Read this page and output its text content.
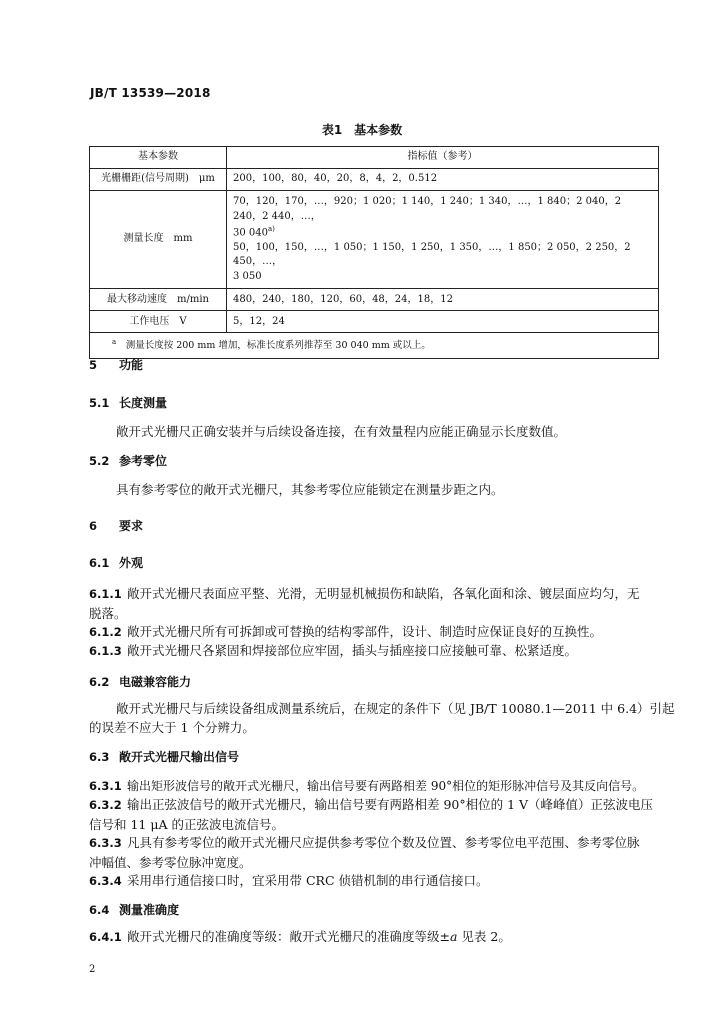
JB/T 13539—2018
表1　基本参数
基本参数	指标值（参考）
光栅栅距(信号周期)　μm	200，100，80，40，20，8，4，2，0.512
测量长度　mm	70，120，170，…，920；1 020；1 140，1 240；1 340，…，1 840；2 040，2 240，2 440，…，
30 040$^{a)}$
50，100，150，…，1 050；1 150，1 250，1 350，…，1 850；2 050，2 250，2 450，…，
3 050

最大移动速度　m/min	480，240，180，120，60，48，24，18，12
工作电压　V	5，12，24
$^a$　 测量长度按 200 mm 增加，标准长度系列推荐至 30 040 mm 或以上。	
5 功能
5.1 长度测量
敞开式光栅尺正确安装并与后续设备连接，在有效量程内应能正确显示长度数值。
5.2 参考零位
具有参考零位的敞开式光栅尺，其参考零位应能锁定在测量步距之内。
6 要求
6.1 外观
6.1.1 敞开式光栅尺表面应平整、光滑，无明显机械损伤和缺陷，各氧化面和涂、镀层面应均匀，无
脱落。
6.1.2 敞开式光栅尺所有可拆卸或可替换的结构零部件，设计、制造时应保证良好的互换性。
6.1.3 敞开式光栅尺各紧固和焊接部位应牢固，插头与插座接口应接触可靠、松紧适度。
6.2 电磁兼容能力
敞开式光栅尺与后续设备组成测量系统后，在规定的条件下（见 JB/T 10080.1—2011 中 6.4）引起
的误差不应大于 1 个分辨力。
6.3 敞开式光栅尺输出信号
6.3.1 输出矩形波信号的敞开式光栅尺，输出信号要有两路相差 90°相位的矩形脉冲信号及其反向信号。
6.3.2 输出正弦波信号的敞开式光栅尺，输出信号要有两路相差 90°相位的 1 V（峰峰值）正弦波电压
信号和 11 μA 的正弦波电流信号。
6.3.3 凡具有参考零位的敞开式光栅尺应提供参考零位个数及位置、参考零位电平范围、参考零位脉
冲幅值、参考零位脉冲宽度。
6.3.4 采用串行通信接口时，宜采用带 CRC 侦错机制的串行通信接口。
6.4 测量准确度
6.4.1 敞开式光栅尺的准确度等级：敞开式光栅尺的准确度等级±a 见表 2。
2
